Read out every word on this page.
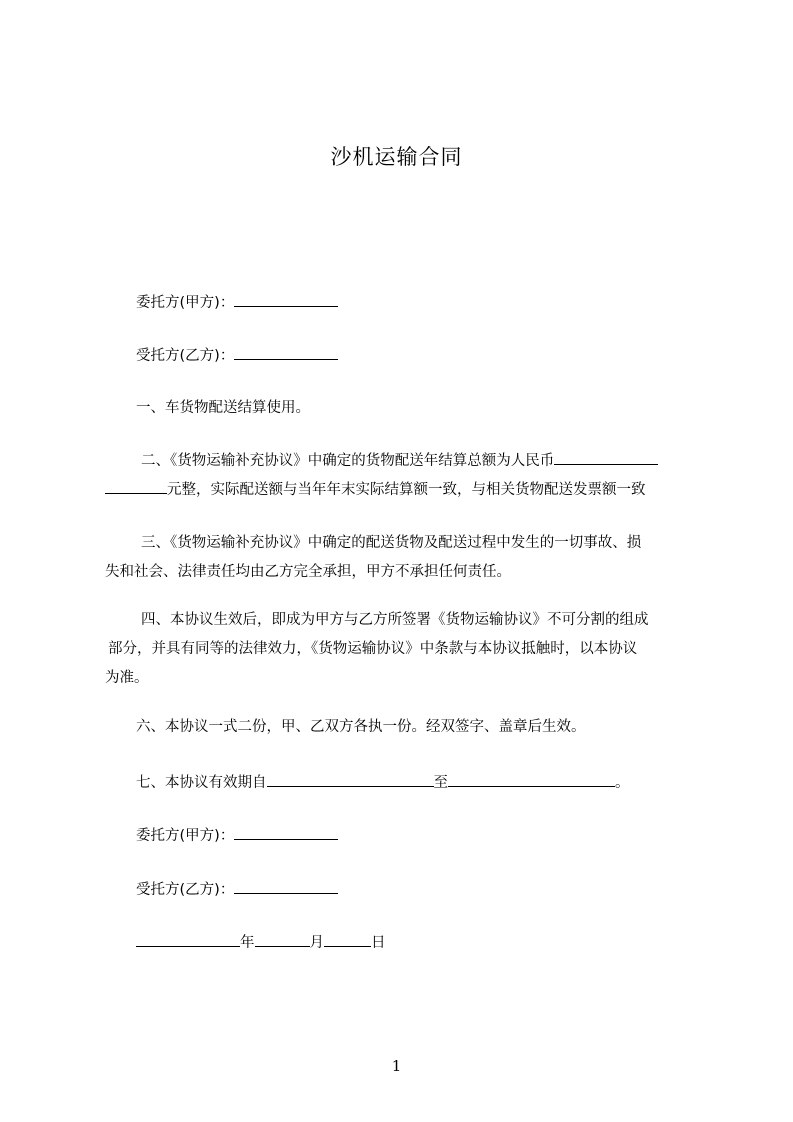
沙机运输合同
委托方(甲方)：
受托方(乙方)：
一、车货物配送结算使用。
二、《货物运输补充协议》中确定的货物配送年结算总额为人民币
元整，实际配送额与当年年末实际结算额一致，与相关货物配送发票额一致
三、《货物运输补充协议》中确定的配送货物及配送过程中发生的一切事故、损
失和社会、法律责任均由乙方完全承担，甲方不承担任何责任。
四、本协议生效后，即成为甲方与乙方所签署《货物运输协议》不可分割的组成
部分，并具有同等的法律效力，《货物运输协议》中条款与本协议抵触时，以本协议
为准。
六、本协议一式二份，甲、乙双方各执一份。经双签字、盖章后生效。
七、本协议有效期自	至	。
委托方(甲方)：
受托方(乙方)：
年	月	日
1
